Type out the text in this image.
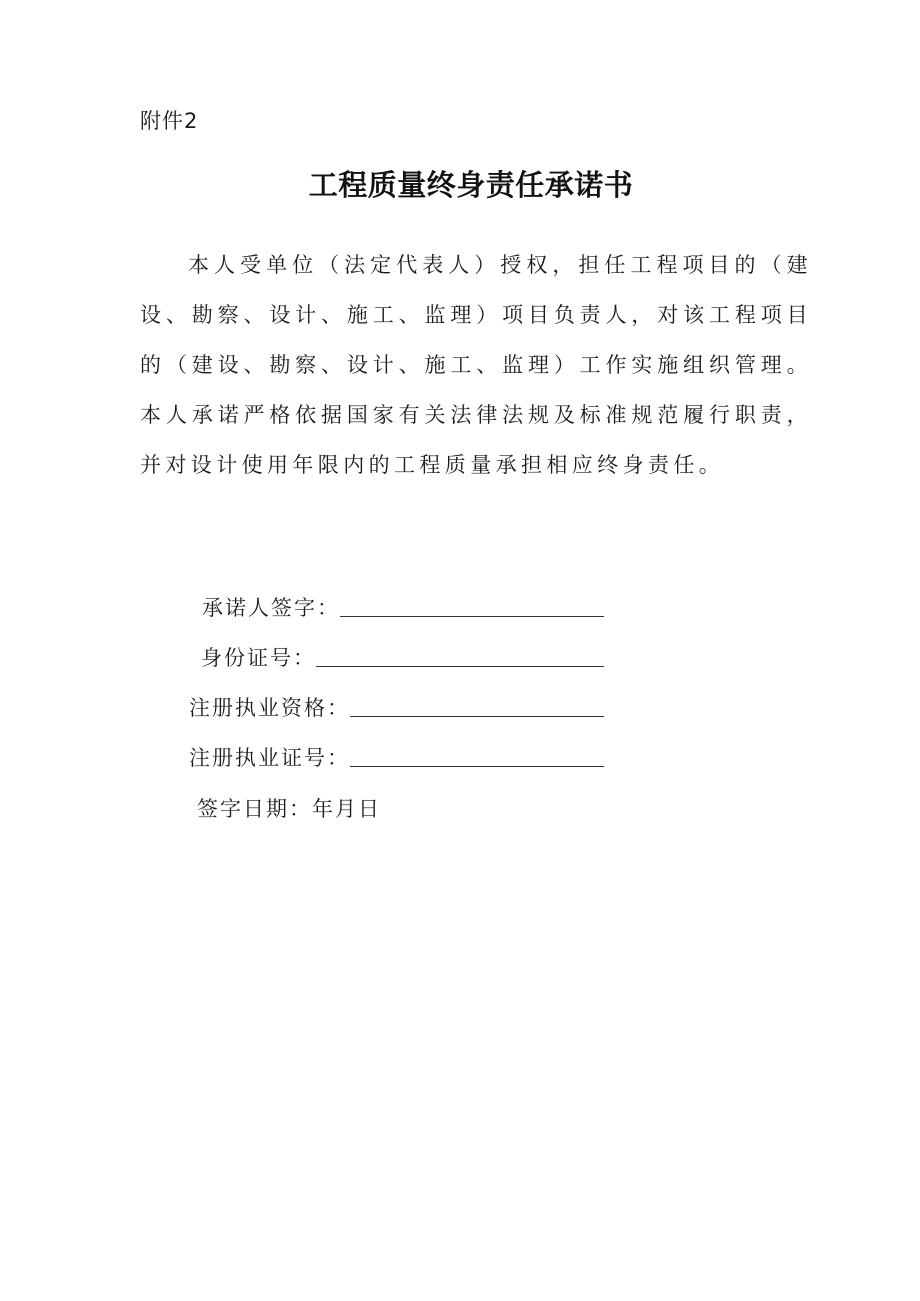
附件2
工程质量终身责任承诺书

本人受单位（法定代表人）授权，担任工程项目的（建设、勘察、设计、施工、监理）项目负责人，对该工程项目的（建设、勘察、设计、施工、监理）工作实施组织管理。本人承诺严格依据国家有关法律法规及标准规范履行职责，并对设计使用年限内的工程质量承担相应终身责任。

承诺人签字：
身份证号：
注册执业资格：
注册执业证号：
签字日期：年月日
